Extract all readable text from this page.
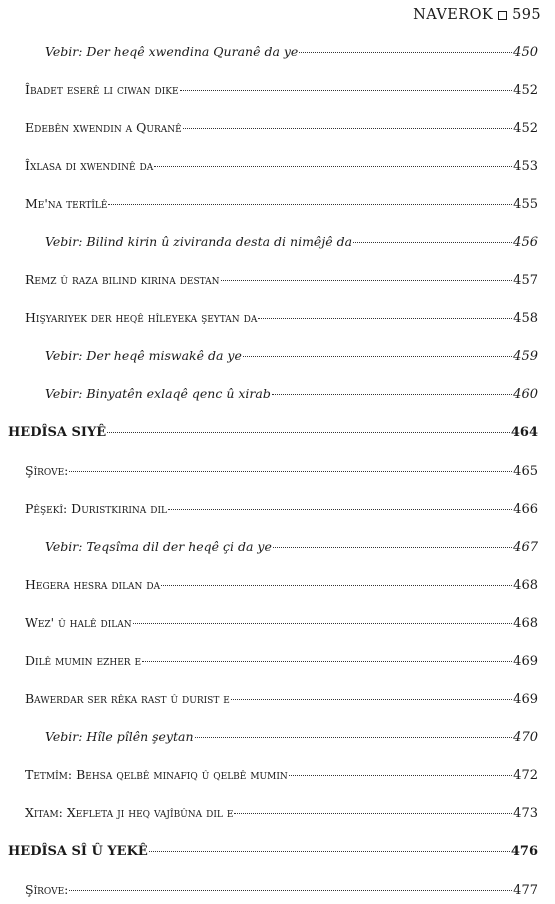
NAVEROK 595
Vebir: Der heqê xwendina Quranê da ye	450
Îbadet eserê li ciwan dike	452
Edebên xwendin a Quranê	452
Îxlasa di xwendinê da	453
Me'na tertîlê	455
Vebir: Bilind kirin û ziviranda desta di nimêjê da	456
Remz û raza bilind kirina destan	457
Hişyariyek der heqê hîleyeka şeytan da	458
Vebir: Der heqê miswakê da ye	459
Vebir: Binyatên exlaqê qenc û xirab	460
HEDÎSA SIYÊ	464
Şîrove:	465
Pêşekî: Duristkirina dil	466
Vebir: Teqsîma dil der heqê çi da ye	467
Hegera hesra dilan da	468
Wez' û halê dilan	468
Dilê mumin ezher e	469
Bawerdar ser rêka rast û durist e	469
Vebir: Hîle pîlên şeytan	470
Tetmîm: Behsa qelbê minafiq û qelbê mumin	472
Xitam: Xefleta ji heq vajîbûna dil e	473
HEDÎSA SÎ Û YEKÊ	476
Şîrove:	477
